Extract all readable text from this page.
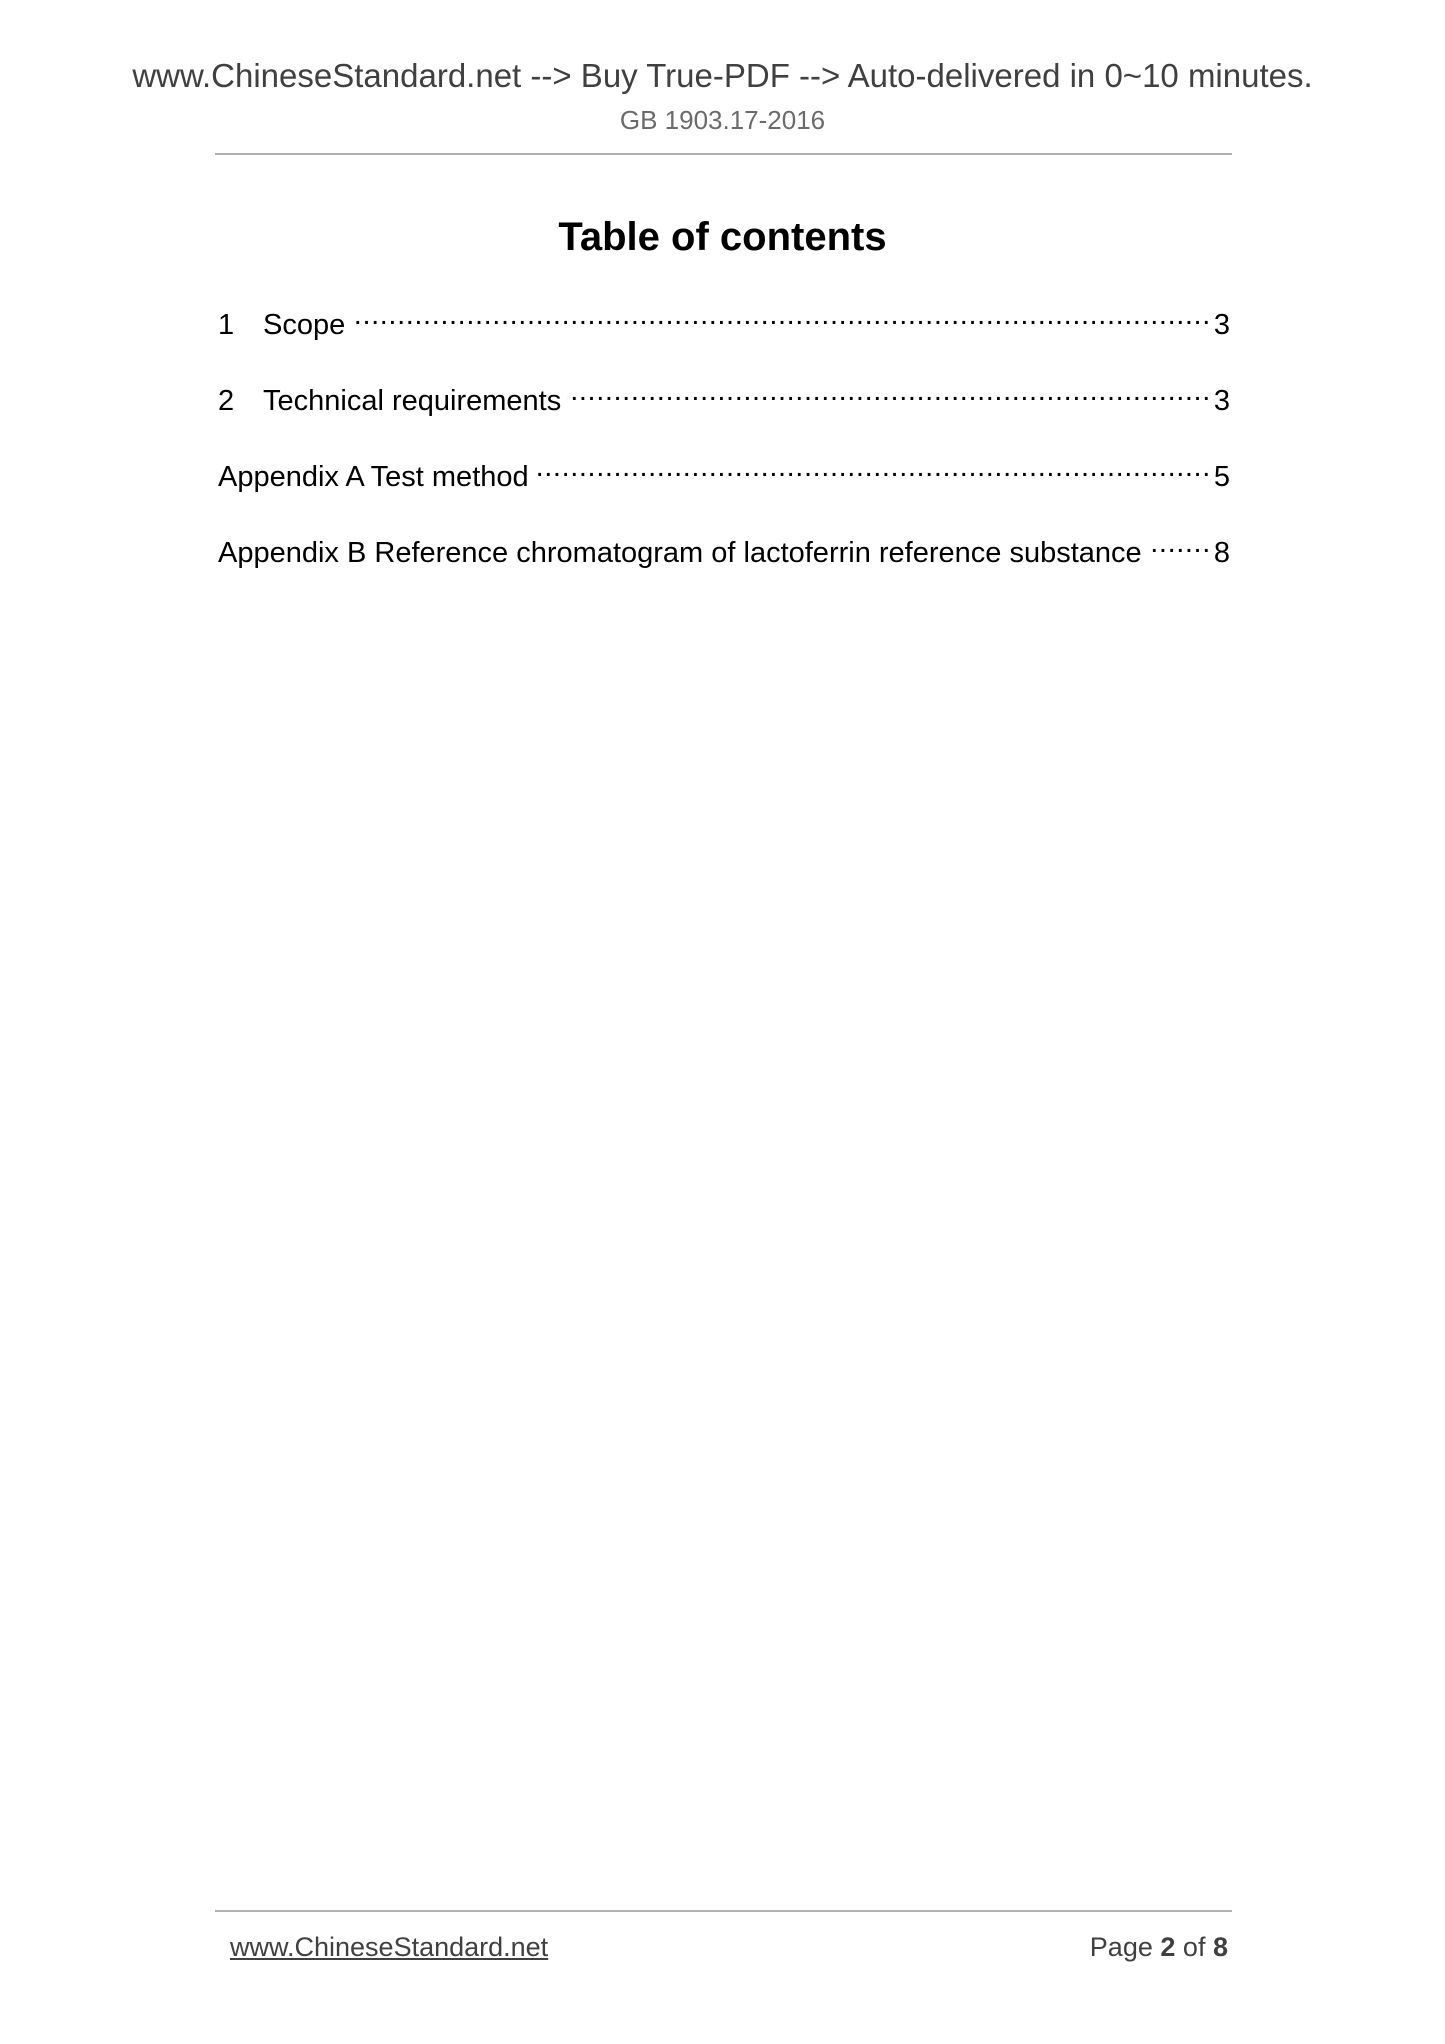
www.ChineseStandard.net --> Buy True-PDF --> Auto-delivered in 0~10 minutes.
GB 1903.17-2016
Table of contents
1 Scope .....	3
2 Technical requirements .....	3
Appendix A Test method .....	5
Appendix B Reference chromatogram of lactoferrin reference substance ..... 8
www.ChineseStandard.net	Page 2 of 8
